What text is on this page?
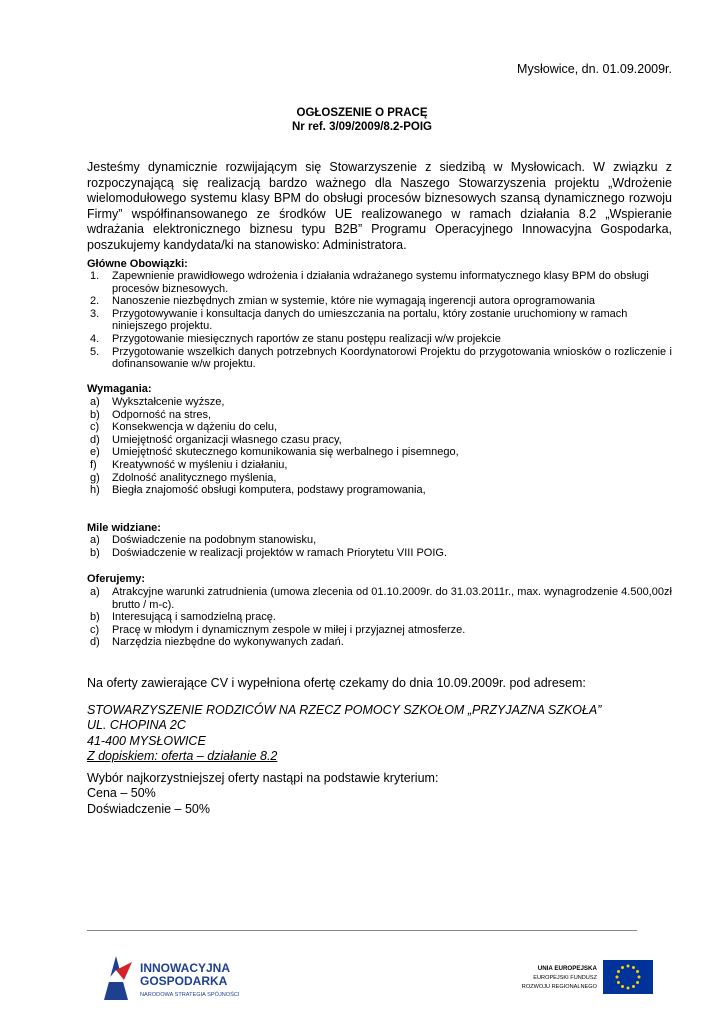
Mysłowice, dn. 01.09.2009r.
OGŁOSZENIE O PRACĘ
Nr ref. 3/09/2009/8.2-POIG
Jesteśmy dynamicznie rozwijającym się Stowarzyszenie z siedzibą w Mysłowicach. W związku z rozpoczynającą się realizacją bardzo ważnego dla Naszego Stowarzyszenia projektu „Wdrożenie wielomodułowego systemu klasy BPM do obsługi procesów biznesowych szansą dynamicznego rozwoju Firmy” współfinansowanego ze środków UE realizowanego w ramach działania 8.2 „Wspieranie wdrażania elektronicznego biznesu typu B2B” Programu Operacyjnego Innowacyjna Gospodarka, poszukujemy kandydata/ki na stanowisko: Administratora.
Główne Obowiązki:
1.	Zapewnienie prawidłowego wdrożenia i działania wdrażanego systemu informatycznego klasy BPM do obsługi procesów biznesowych.
2.	Nanoszenie niezbędnych zmian w systemie, które nie wymagają ingerencji autora oprogramowania
3.	Przygotowywanie i konsultacja danych do umieszczania na portalu, który zostanie uruchomiony w ramach niniejszego projektu.
4.	Przygotowanie miesięcznych raportów ze stanu postępu realizacji w/w projekcie
5.	Przygotowanie wszelkich danych potrzebnych Koordynatorowi Projektu do przygotowania wniosków o rozliczenie i dofinansowanie w/w projektu.
Wymagania:
a)	Wykształcenie wyższe,
b)	Odporność na stres,
c)	Konsekwencja w dążeniu do celu,
d)	Umiejętność organizacji własnego czasu pracy,
e)	Umiejętność skutecznego komunikowania się werbalnego i pisemnego,
f)	Kreatywność w myśleniu i działaniu,
g)	Zdolność analitycznego myślenia,
h)	Biegła znajomość obsługi komputera, podstawy programowania,
Mile widziane:
a)	Doświadczenie na podobnym stanowisku,
b)	Doświadczenie w realizacji projektów w ramach Priorytetu VIII POIG.
Oferujemy:
a)	Atrakcyjne warunki zatrudnienia (umowa zlecenia od 01.10.2009r. do 31.03.2011r., max. wynagrodzenie 4.500,00zł brutto / m-c).
b)	Interesującą i samodzielną pracę.
c)	Pracę w młodym i dynamicznym zespole w miłej i przyjaznej atmosferze.
d)	Narzędzia niezbędne do wykonywanych zadań.
Na oferty zawierające CV i wypełniona ofertę czekamy do dnia 10.09.2009r. pod adresem:
STOWARZYSZENIE RODZICÓW NA RZECZ POMOCY SZKOŁOM „PRZYJAZNA SZKOŁA”
UL. CHOPINA 2C
41-400 MYSŁOWICE
Z dopiskiem: oferta – działanie 8.2
Wybór najkorzystniejszej oferty nastąpi na podstawie kryterium:
Cena – 50%
Doświadczenie – 50%
INNOWACYJNA
GOSPODARKA
NARODOWA STRATEGIA SPÓJNOŚCI
UNIA EUROPEJSKA
EUROPEJSKI FUNDUSZ
ROZWOJU REGIONALNEGO
